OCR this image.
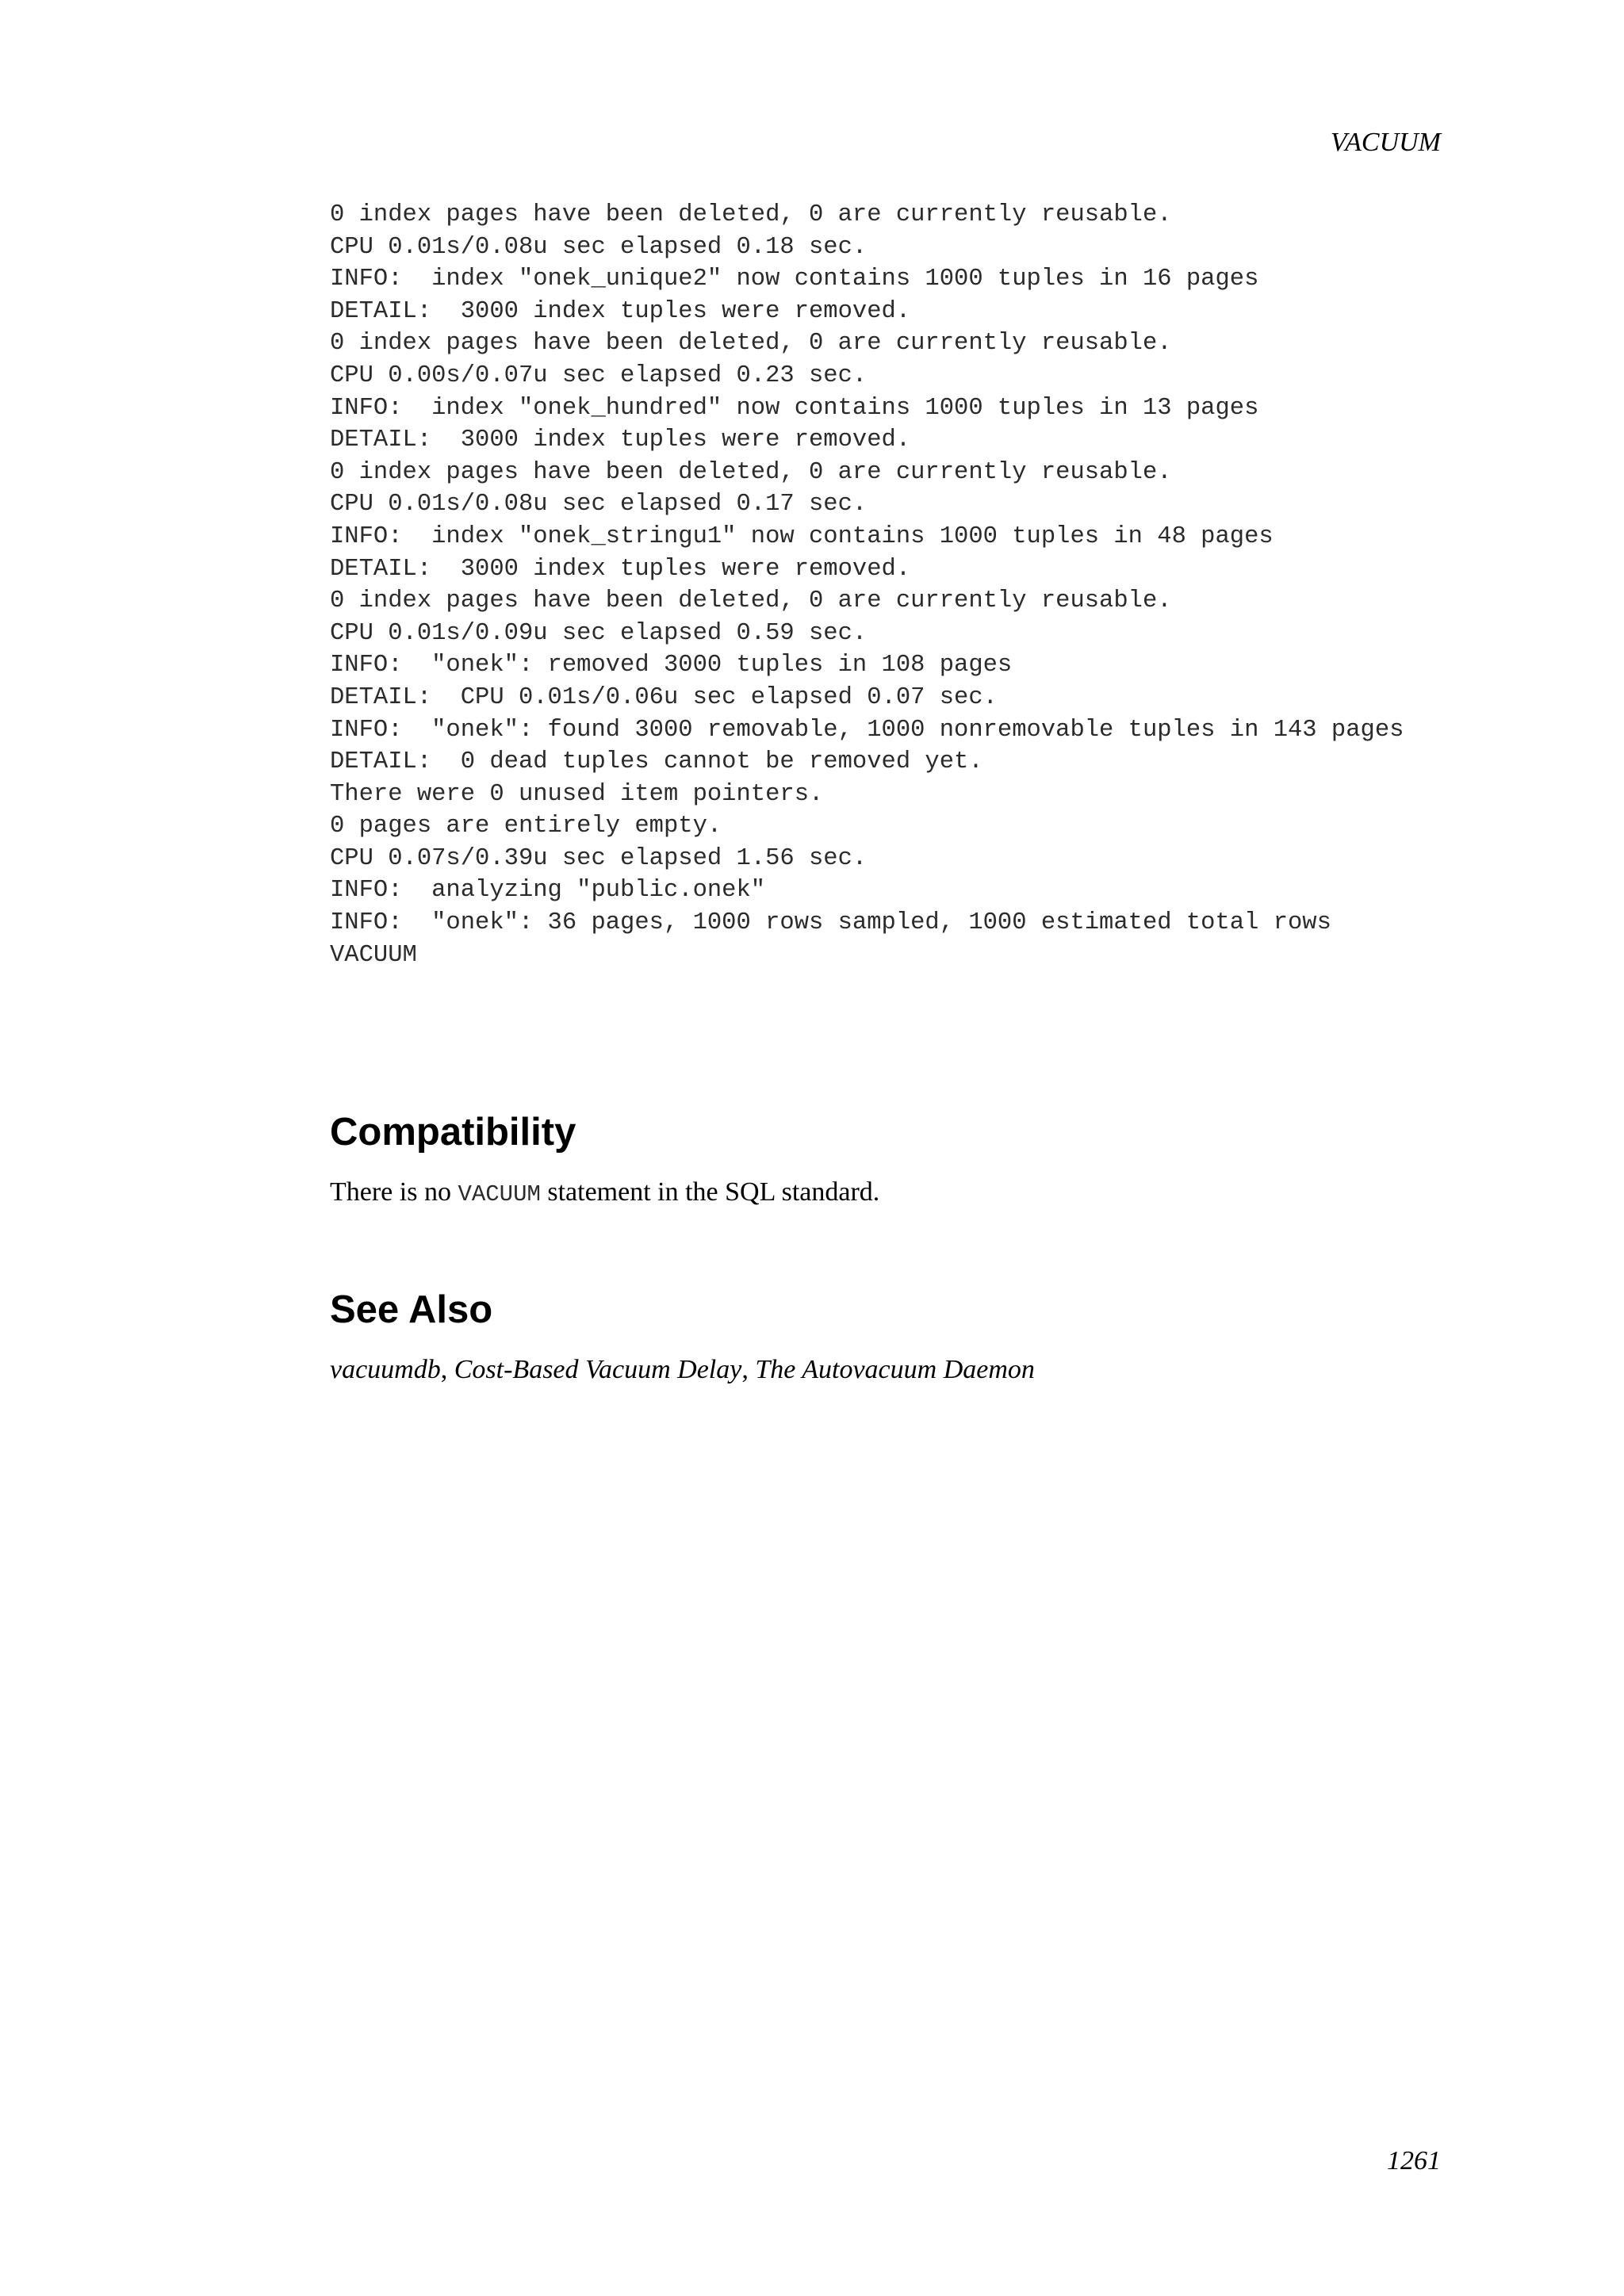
VACUUM
0 index pages have been deleted, 0 are currently reusable.
CPU 0.01s/0.08u sec elapsed 0.18 sec.
INFO:  index "onek_unique2" now contains 1000 tuples in 16 pages
DETAIL:  3000 index tuples were removed.
0 index pages have been deleted, 0 are currently reusable.
CPU 0.00s/0.07u sec elapsed 0.23 sec.
INFO:  index "onek_hundred" now contains 1000 tuples in 13 pages
DETAIL:  3000 index tuples were removed.
0 index pages have been deleted, 0 are currently reusable.
CPU 0.01s/0.08u sec elapsed 0.17 sec.
INFO:  index "onek_stringu1" now contains 1000 tuples in 48 pages
DETAIL:  3000 index tuples were removed.
0 index pages have been deleted, 0 are currently reusable.
CPU 0.01s/0.09u sec elapsed 0.59 sec.
INFO:  "onek": removed 3000 tuples in 108 pages
DETAIL:  CPU 0.01s/0.06u sec elapsed 0.07 sec.
INFO:  "onek": found 3000 removable, 1000 nonremovable tuples in 143 pages
DETAIL:  0 dead tuples cannot be removed yet.
There were 0 unused item pointers.
0 pages are entirely empty.
CPU 0.07s/0.39u sec elapsed 1.56 sec.
INFO:  analyzing "public.onek"
INFO:  "onek": 36 pages, 1000 rows sampled, 1000 estimated total rows
VACUUM
Compatibility

There is no VACUUM statement in the SQL standard.

See Also

vacuumdb, Cost-Based Vacuum Delay, The Autovacuum Daemon

1261
